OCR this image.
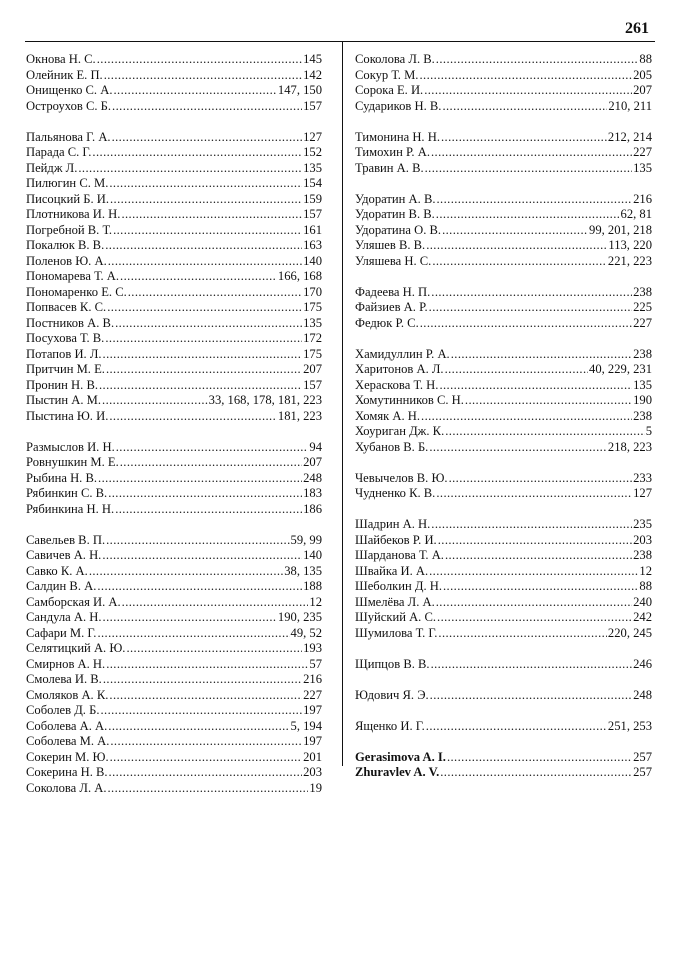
261
Окнова Н. С. .....	145
Олейник Е. П. .....	142
Онищенко С. А. .....	147, 150
Остроухов С. Б. .....	157
Пальянова Г. А. .....	127
Парада С. Г. .....	152
Пейдж Л. .....	135
Пилюгин С. М. .....	154
Писоцкий Б. И. .....	159
Плотникова И. Н. .....	157
Погребной В. Т. .....	161
Покалюк В. В. .....	163
Поленов Ю. А. .....	140
Пономарева Т. А. .....	166, 168
Пономаренко Е. С. .....	170
Попвасев К. С. .....	175
Постников А. В. .....	135
Посухова Т. В. .....	172
Потапов И. Л. .....	175
Притчин М. Е. .....	207
Пронин Н. В. .....	157
Пыстин А. М. .....	33, 168, 178, 181, 223
Пыстина Ю. И. .....	181, 223
Размыслов И. Н. .....	94
Ровнушкин М. Е. .....	207
Рыбина Н. В. .....	248
Рябинкин С. В. .....	183
Рябинкина Н. Н. .....	186
Савельев В. П. .....	59, 99
Савичев А. Н. .....	140
Савко К. А. .....	38, 135
Салдин В. А. .....	188
Самборская И. А. .....	12
Сандула А. Н. .....	190, 235
Сафари М. Г. .....	49, 52
Селятицкий А. Ю. .....	193
Смирнов А. Н. .....	57
Смолева И. В. .....	216
Смоляков А. К. .....	227
Соболев Д. Б. .....	197
Соболева А. А. .....	5, 194
Соболева М. А. .....	197
Сокерин М. Ю. .....	201
Сокерина Н. В. .....	203
Соколова Л. А. .....	19
Соколова Л. В. .....	88
Сокур Т. М. .....	205
Сорока Е. И. .....	207
Судариков Н. В. .....	210, 211
Тимонина Н. Н. .....	212, 214
Тимохин Р. А. .....	227
Травин А. В. .....	135
Удоратин А. В. .....	216
Удоратин В. В. .....	62, 81
Удоратина О. В. .....	99, 201, 218
Уляшев В. В. .....	113, 220
Уляшева Н. С. .....	221, 223
Фадеева Н. П. .....	238
Файзиев А. Р. .....	225
Федюк Р. С. .....	227
Хамидуллин Р. А. .....	238
Харитонов А. Л. .....	40, 229, 231
Хераскова Т. Н. .....	135
Хомутинников С. Н. .....	190
Хомяк А. Н. .....	238
Хоуриган Дж. К. .....	5
Хубанов В. Б. .....	218, 223
Чевычелов В. Ю. .....	233
Чудненко К. В. .....	127
Шадрин А. Н. .....	235
Шайбеков Р. И. .....	203
Шарданова Т. А. .....	238
Швайка И. А. .....	12
Шеболкин Д. Н. .....	88
Шмелёва Л. А. .....	240
Шуйский А. С. .....	242
Шумилова Т. Г. .....	220, 245
Щипцов В. В. .....	246
Юдович Я. Э. .....	248
Ященко И. Г. .....	251, 253
Gerasimova A. I. .....	257
Zhuravlev A. V. .....	257
